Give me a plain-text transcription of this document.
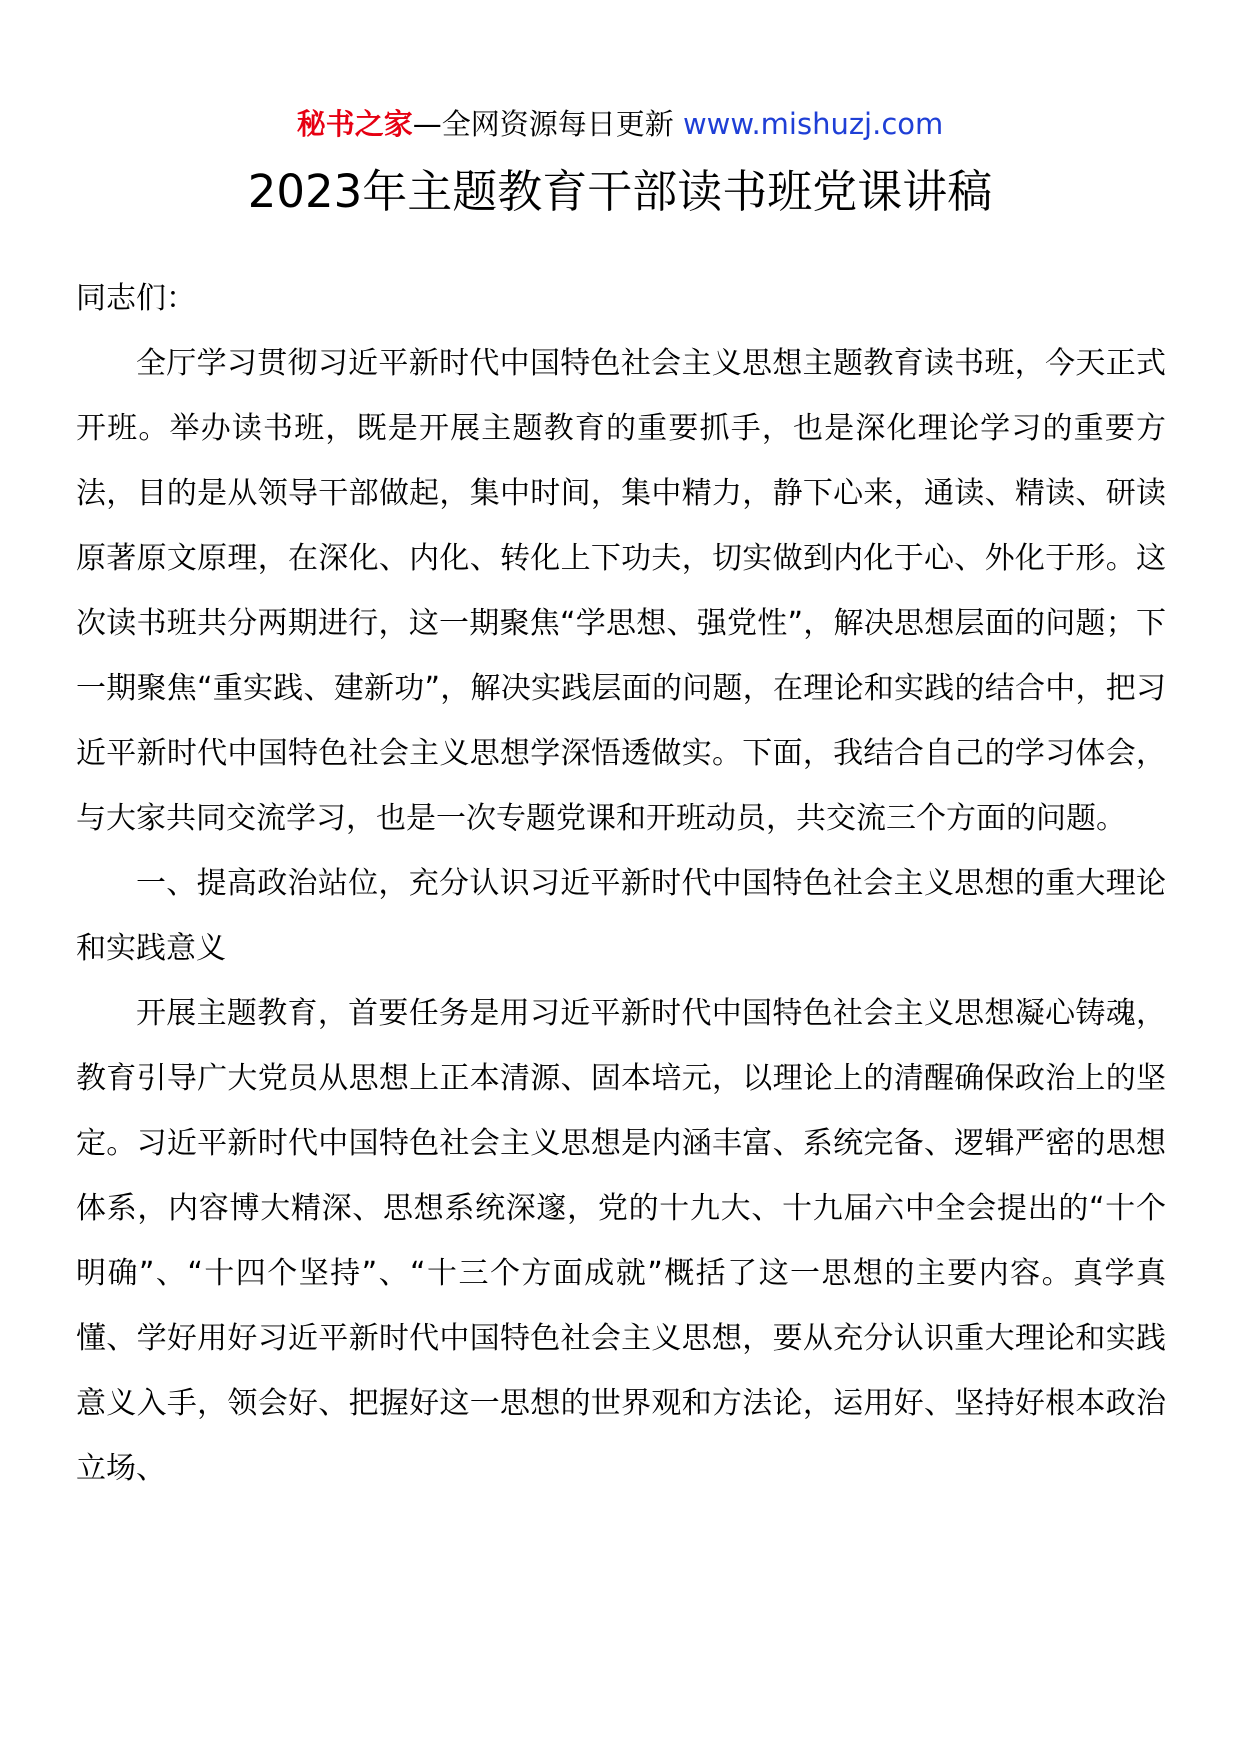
秘书之家—全网资源每日更新 www.mishuzj.com
2023年主题教育干部读书班党课讲稿

同志们：

全厅学习贯彻习近平新时代中国特色社会主义思想主题教育读书班，今天正式开班。举办读书班，既是开展主题教育的重要抓手，也是深化理论学习的重要方法，目的是从领导干部做起，集中时间，集中精力，静下心来，通读、精读、研读原著原文原理，在深化、内化、转化上下功夫，切实做到内化于心、外化于形。这次读书班共分两期进行，这一期聚焦“学思想、强党性”，解决思想层面的问题；下一期聚焦“重实践、建新功”，解决实践层面的问题，在理论和实践的结合中，把习近平新时代中国特色社会主义思想学深悟透做实。下面，我结合自己的学习体会，与大家共同交流学习，也是一次专题党课和开班动员，共交流三个方面的问题。

一、提高政治站位，充分认识习近平新时代中国特色社会主义思想的重大理论和实践意义

开展主题教育，首要任务是用习近平新时代中国特色社会主义思想凝心铸魂，教育引导广大党员从思想上正本清源、固本培元，以理论上的清醒确保政治上的坚定。习近平新时代中国特色社会主义思想是内涵丰富、系统完备、逻辑严密的思想体系，内容博大精深、思想系统深邃，党的十九大、十九届六中全会提出的“十个明确”、“十四个坚持”、“十三个方面成就”概括了这一思想的主要内容。真学真懂、学好用好习近平新时代中国特色社会主义思想，要从充分认识重大理论和实践意义入手，领会好、把握好这一思想的世界观和方法论，运用好、坚持好根本政治立场、
